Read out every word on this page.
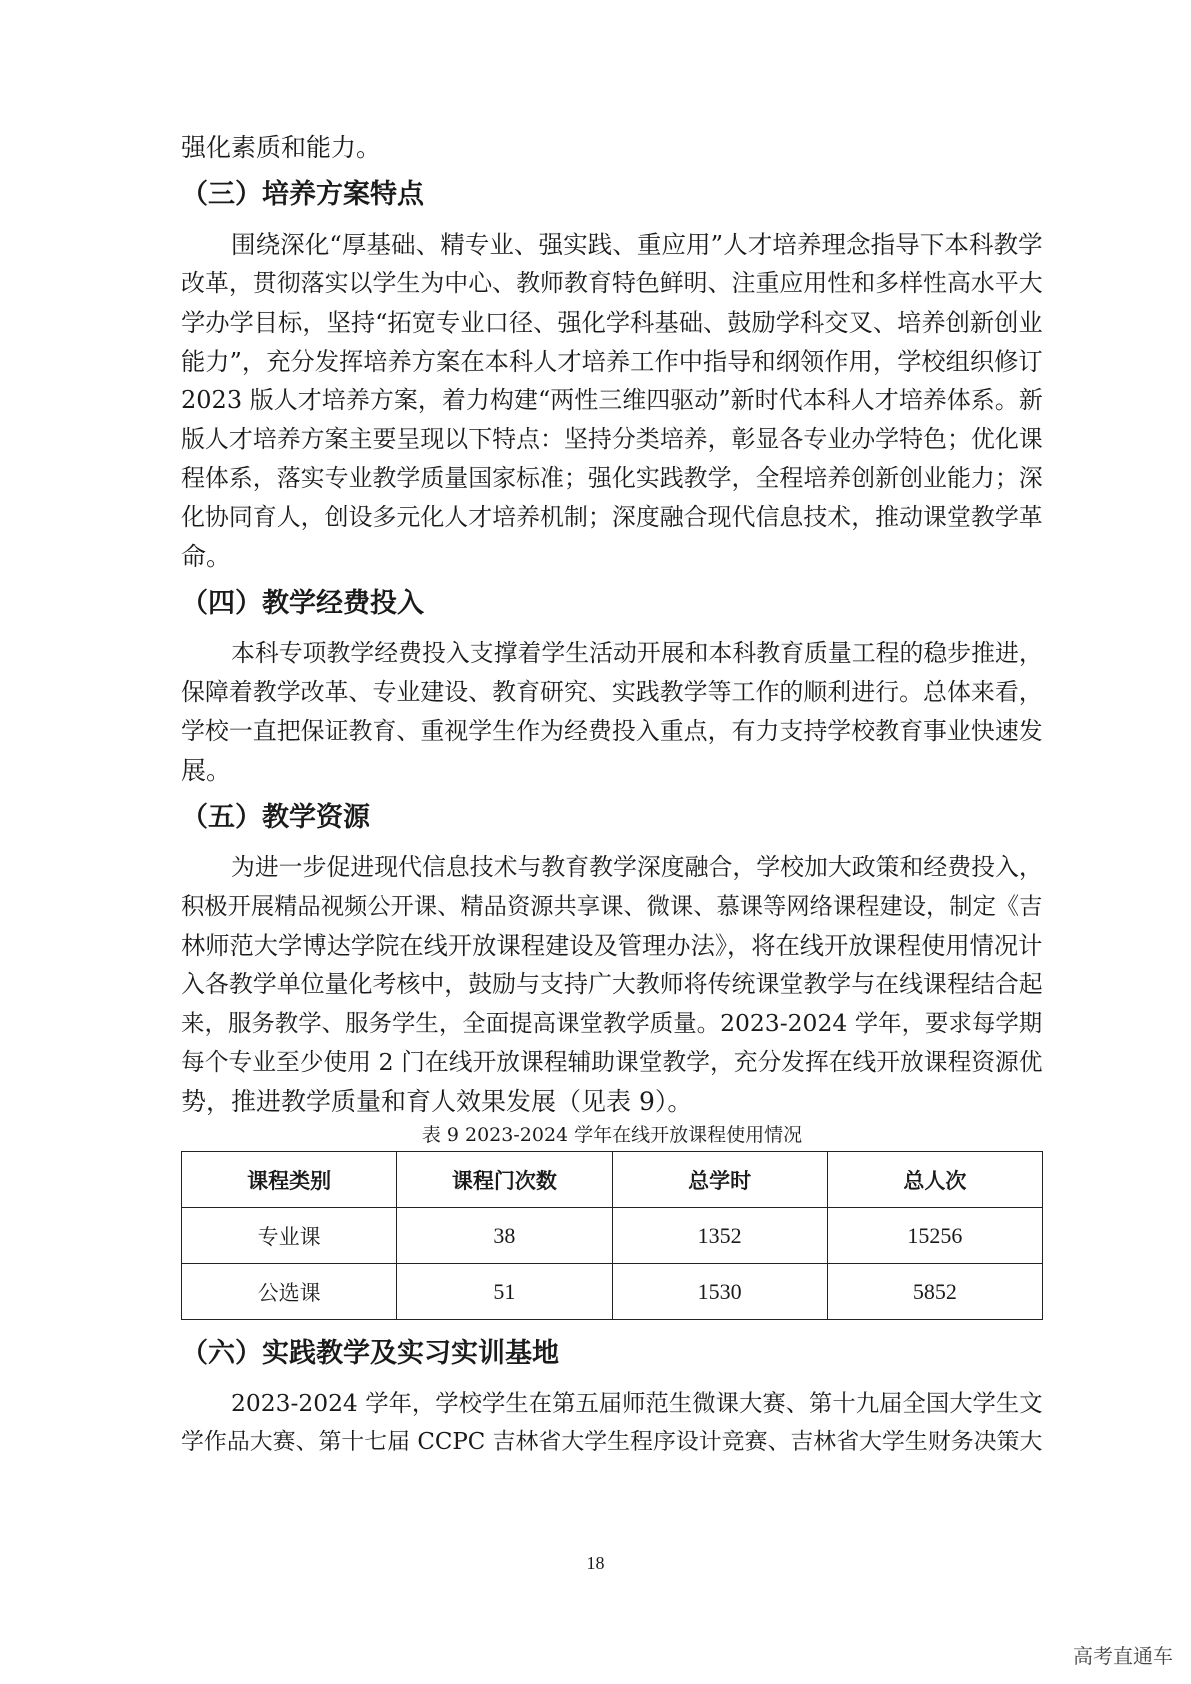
强化素质和能力。

（三）培养方案特点

围绕深化“厚基础、精专业、强实践、重应用”人才培养理念指导下本科教学

改革，贯彻落实以学生为中心、教师教育特色鲜明、注重应用性和多样性高水平大

学办学目标，坚持“拓宽专业口径、强化学科基础、鼓励学科交叉、培养创新创业

能力”，充分发挥培养方案在本科人才培养工作中指导和纲领作用，学校组织修订

2023 版人才培养方案，着力构建“两性三维四驱动”新时代本科人才培养体系。新

版人才培养方案主要呈现以下特点：坚持分类培养，彰显各专业办学特色；优化课

程体系，落实专业教学质量国家标准；强化实践教学，全程培养创新创业能力；深

化协同育人，创设多元化人才培养机制；深度融合现代信息技术，推动课堂教学革

命。

（四）教学经费投入

本科专项教学经费投入支撑着学生活动开展和本科教育质量工程的稳步推进，

保障着教学改革、专业建设、教育研究、实践教学等工作的顺利进行。总体来看，

学校一直把保证教育、重视学生作为经费投入重点，有力支持学校教育事业快速发

展。

（五）教学资源

为进一步促进现代信息技术与教育教学深度融合，学校加大政策和经费投入，

积极开展精品视频公开课、精品资源共享课、微课、慕课等网络课程建设，制定《吉

林师范大学博达学院在线开放课程建设及管理办法》，将在线开放课程使用情况计

入各教学单位量化考核中，鼓励与支持广大教师将传统课堂教学与在线课程结合起

来，服务教学、服务学生，全面提高课堂教学质量。2023-2024 学年，要求每学期

每个专业至少使用 2 门在线开放课程辅助课堂教学，充分发挥在线开放课程资源优

势，推进教学质量和育人效果发展（见表 9）。

表 9 2023-2024 学年在线开放课程使用情况

课程类别	课程门次数	总学时	总人次
专业课	38	1352	15256
公选课	51	1530	5852
（六）实践教学及实习实训基地

2023-2024 学年，学校学生在第五届师范生微课大赛、第十九届全国大学生文

学作品大赛、第十七届 CCPC 吉林省大学生程序设计竞赛、吉林省大学生财务决策大

18
高考直通车
